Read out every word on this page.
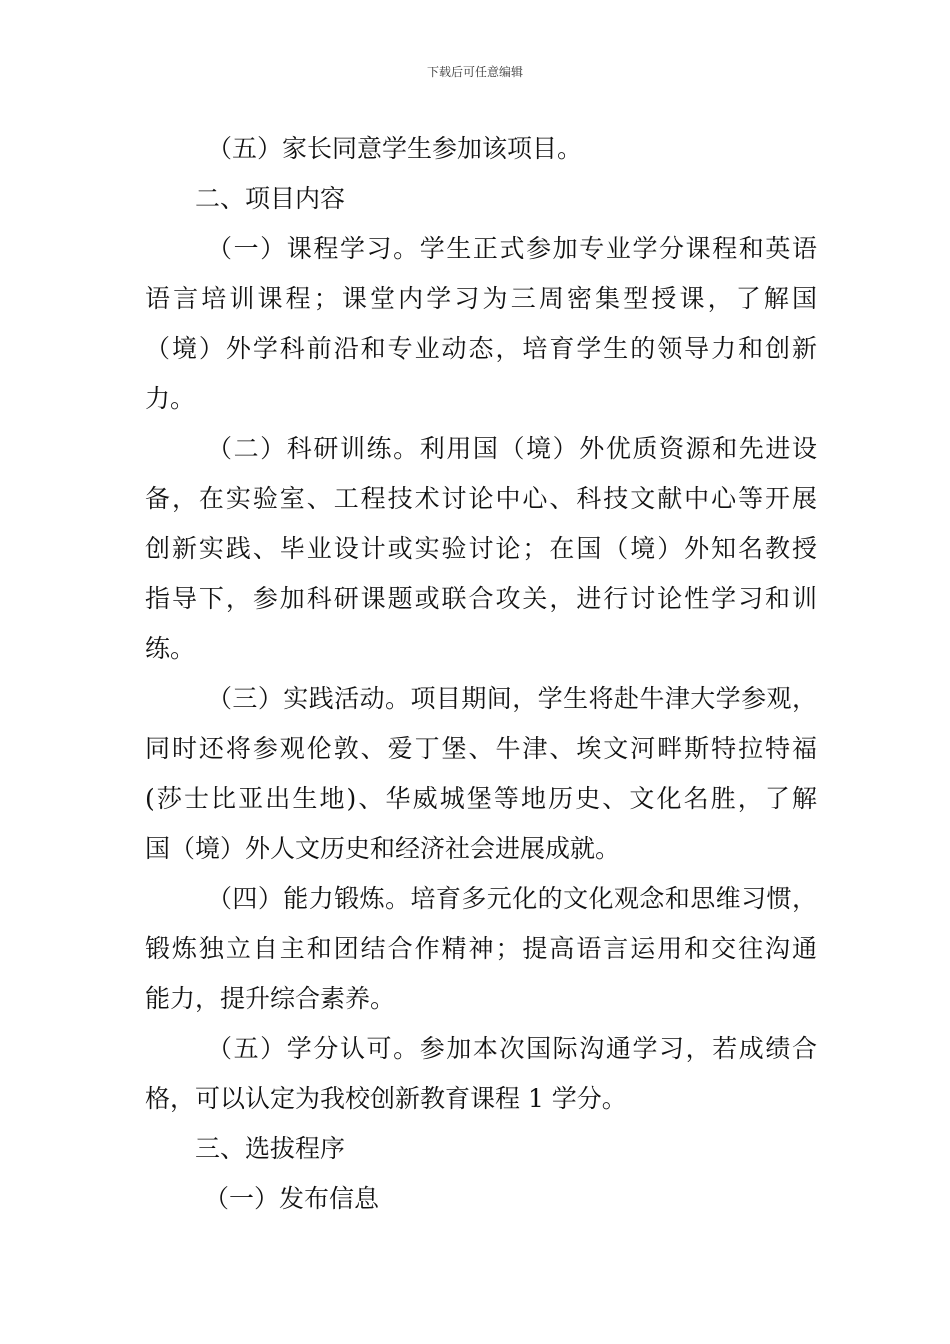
下载后可任意编辑
（五）家长同意学生参加该项目。
二、项目内容
（一）课程学习。学生正式参加专业学分课程和英语
语言培训课程；课堂内学习为三周密集型授课，了解国
（境）外学科前沿和专业动态，培育学生的领导力和创新
力。
（二）科研训练。利用国（境）外优质资源和先进设
备，在实验室、工程技术讨论中心、科技文献中心等开展
创新实践、毕业设计或实验讨论；在国（境）外知名教授
指导下，参加科研课题或联合攻关，进行讨论性学习和训
练。
（三）实践活动。项目期间，学生将赴牛津大学参观，
同时还将参观伦敦、爱丁堡、牛津、埃文河畔斯特拉特福
(莎士比亚出生地)、华威城堡等地历史、文化名胜，了解
国（境）外人文历史和经济社会进展成就。
（四）能力锻炼。培育多元化的文化观念和思维习惯，
锻炼独立自主和团结合作精神；提高语言运用和交往沟通
能力，提升综合素养。
（五）学分认可。参加本次国际沟通学习，若成绩合
格，可以认定为我校创新教育课程 1 学分。
三、选拔程序
（一）发布信息
